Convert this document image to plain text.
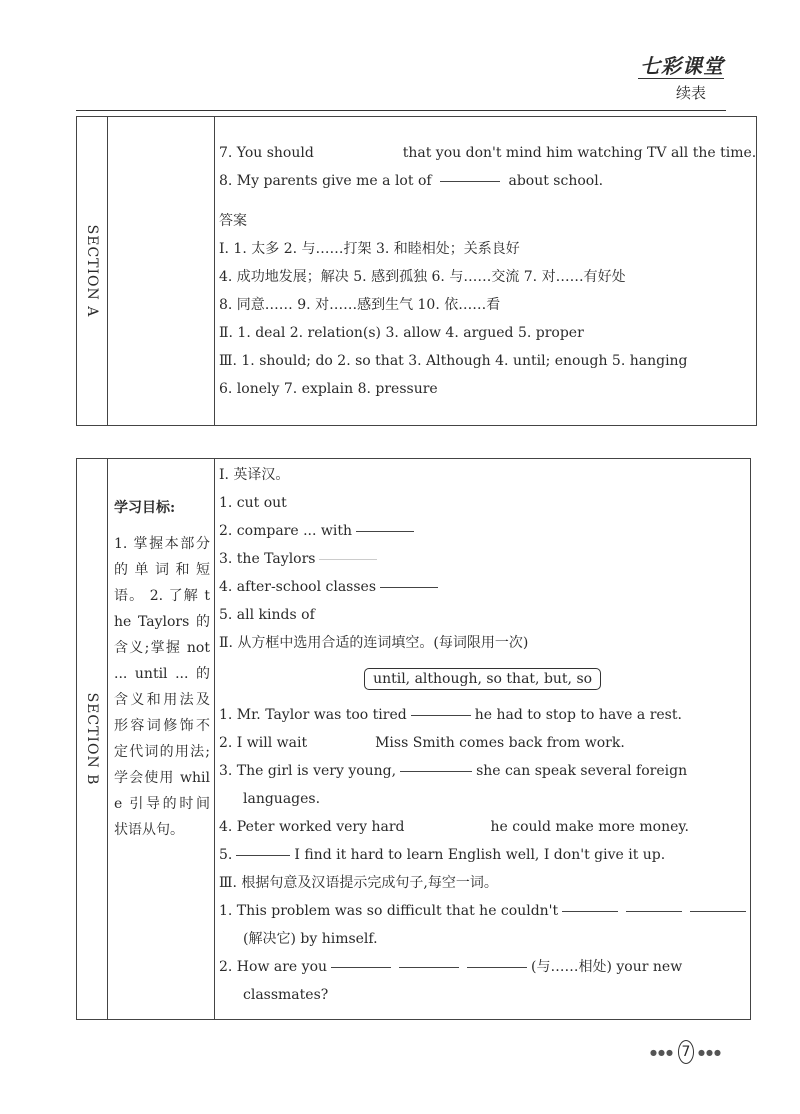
七彩课堂
续表
SECTION A

7. You should	that you don't mind him watching TV all the time.
8. My parents give me a lot of	about school.
答案
Ⅰ. 1. 太多 2. 与……打架 3. 和睦相处；关系良好
4. 成功地发展；解决 5. 感到孤独 6. 与……交流 7. 对……有好处
8. 同意…… 9. 对……感到生气 10. 依……看
Ⅱ. 1. deal 2. relation(s) 3. allow 4. argued 5. proper
Ⅲ. 1. should; do 2. so that 3. Although 4. until; enough 5. hanging
6. lonely 7. explain 8. pressure
SECTION B

学习目标:
1. 掌握本部分的单词和短语。 2. 了解 the Taylors 的含义;掌握 not ... until ... 的含义和用法及形容词修饰不定代词的用法;学会使用 while 引导的时间状语从句。

Ⅰ. 英译汉。
1. cut out
2. compare ... with
3. the Taylors
4. after-school classes
5. all kinds of
Ⅱ. 从方框中选用合适的连词填空。(每词限用一次)
until, although, so that, but, so
1. Mr. Taylor was too tired	he had to stop to have a rest.
2. I will wait	Miss Smith comes back from work.
3. The girl is very young,	she can speak several foreign
languages.
4. Peter worked very hard	he could make more money.
5.	I find it hard to learn English well, I don't give it up.
Ⅲ. 根据句意及汉语提示完成句子,每空一词。
1. This problem was so difficult that he couldn't
(解决它) by himself.
2. How are you	(与……相处) your new
classmates?
●●● 7 ●●●
